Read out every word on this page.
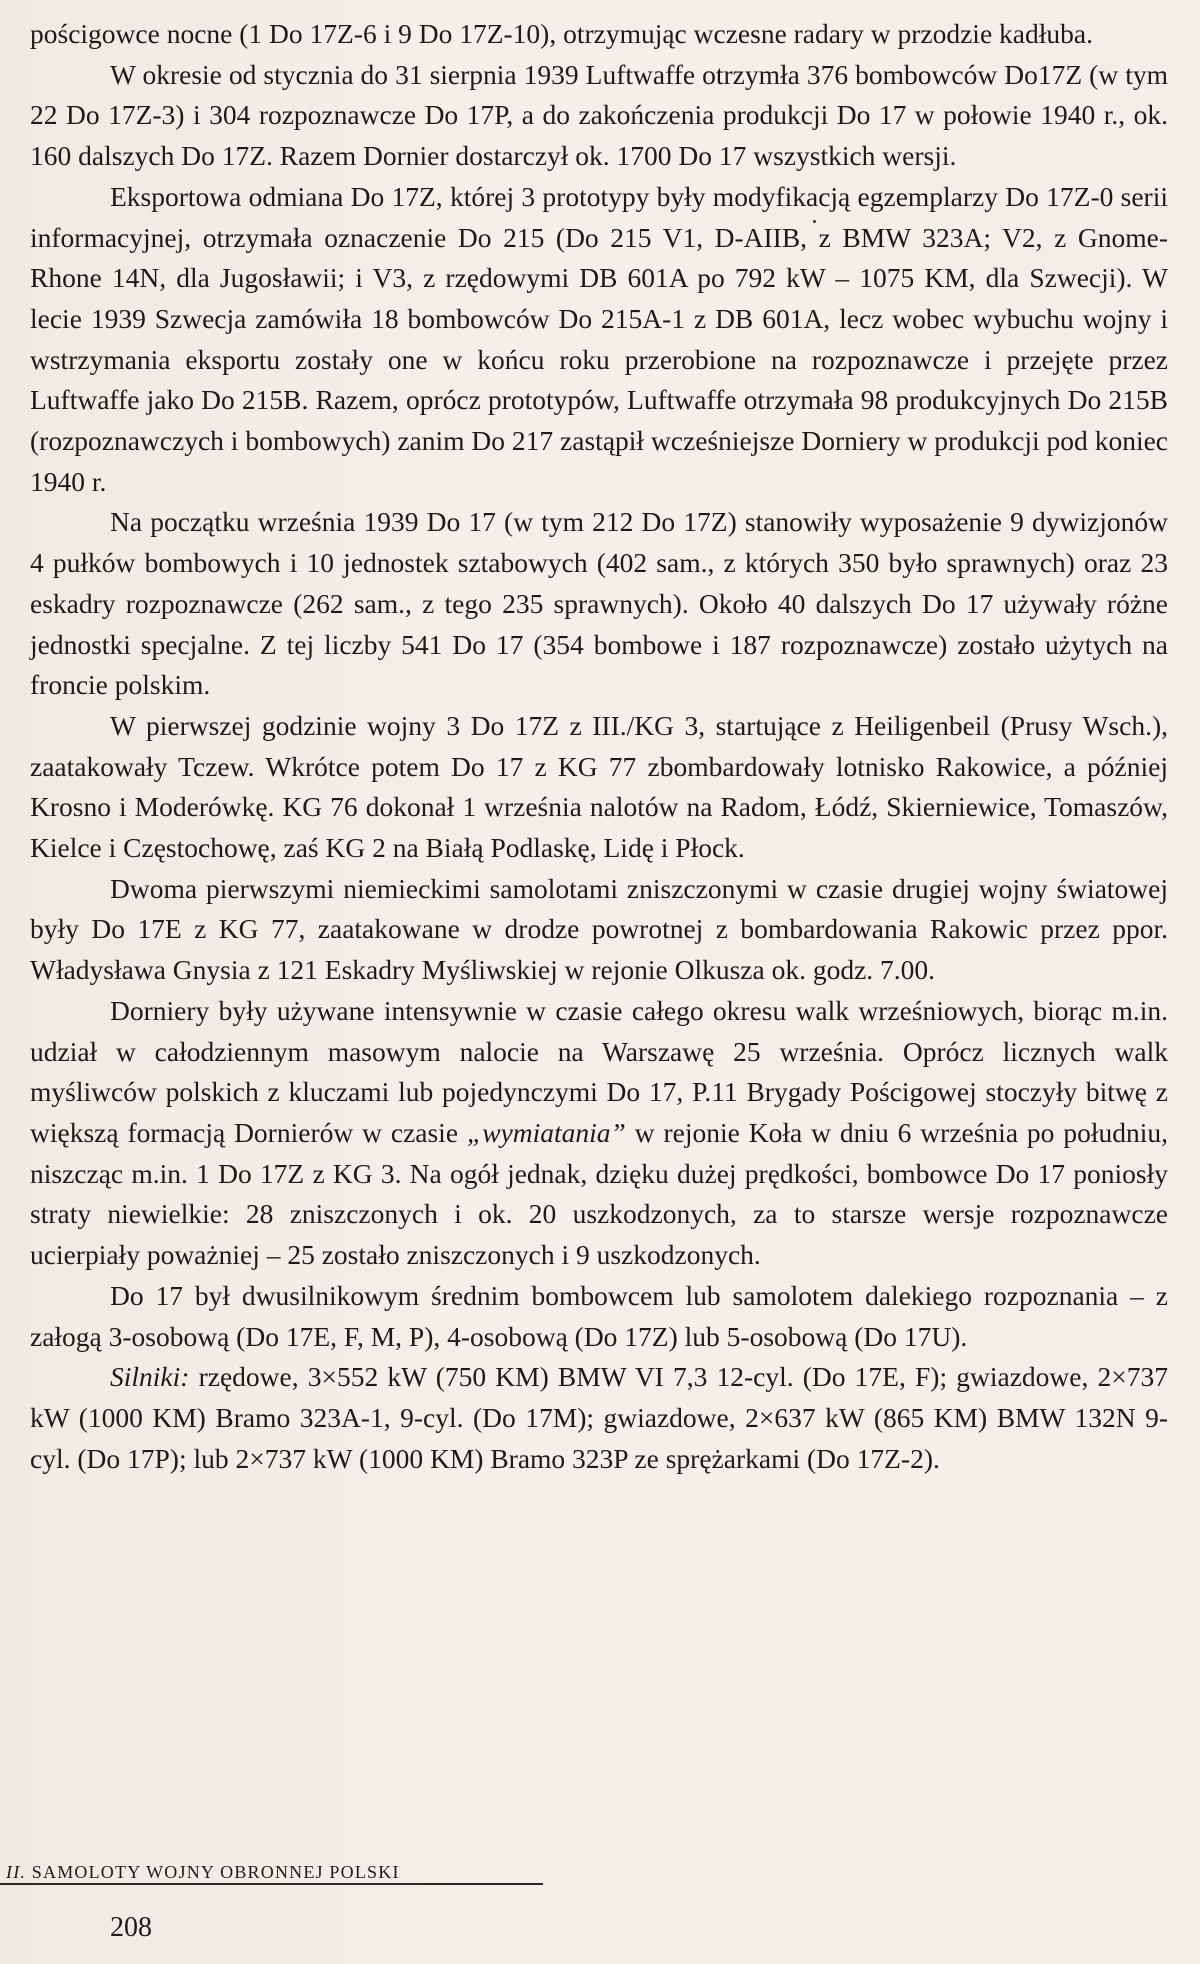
pościgowce nocne (1 Do 17Z-6 i 9 Do 17Z-10), otrzymując wczesne radary w przodzie kadłuba.

W okresie od stycznia do 31 sierpnia 1939 Luftwaffe otrzymła 376 bombowców Do17Z (w tym 22 Do 17Z-3) i 304 rozpoznawcze Do 17P, a do zakończenia produkcji Do 17 w połowie 1940 r., ok. 160 dalszych Do 17Z. Razem Dornier dostarczył ok. 1700 Do 17 wszystkich wersji.

Eksportowa odmiana Do 17Z, której 3 prototypy były modyfikacją egzemplarzy Do 17Z-0 serii informacyjnej, otrzymała oznaczenie Do 215 (Do 215 V1, D-AIIB, z BMW 323A; V2, z Gnome-Rhone 14N, dla Jugosławii; i V3, z rzędowymi DB 601A po 792 kW – 1075 KM, dla Szwecji). W lecie 1939 Szwecja zamówiła 18 bombowców Do 215A-1 z DB 601A, lecz wobec wybuchu wojny i wstrzymania eksportu zostały one w końcu roku przerobione na rozpoznawcze i przejęte przez Luftwaffe jako Do 215B. Razem, oprócz prototypów, Luftwaffe otrzymała 98 produkcyjnych Do 215B (rozpoznawczych i bombowych) zanim Do 217 zastąpił wcześniejsze Dorniery w produkcji pod koniec 1940 r.

Na początku września 1939 Do 17 (w tym 212 Do 17Z) stanowiły wyposażenie 9 dywizjonów 4 pułków bombowych i 10 jednostek sztabowych (402 sam., z których 350 było sprawnych) oraz 23 eskadry rozpoznawcze (262 sam., z tego 235 sprawnych). Około 40 dalszych Do 17 używały różne jednostki specjalne. Z tej liczby 541 Do 17 (354 bombowe i 187 rozpoznawcze) zostało użytych na froncie polskim.

W pierwszej godzinie wojny 3 Do 17Z z III./KG 3, startujące z Heiligenbeil (Prusy Wsch.), zaatakowały Tczew. Wkrótce potem Do 17 z KG 77 zbombardowały lotnisko Rakowice, a później Krosno i Moderówkę. KG 76 dokonał 1 września nalotów na Radom, Łódź, Skierniewice, Tomaszów, Kielce i Częstochowę, zaś KG 2 na Białą Podlaskę, Lidę i Płock.

Dwoma pierwszymi niemieckimi samolotami zniszczonymi w czasie drugiej wojny światowej były Do 17E z KG 77, zaatakowane w drodze powrotnej z bombardowania Rakowic przez ppor. Władysława Gnysia z 121 Eskadry Myśliwskiej w rejonie Olkusza ok. godz. 7.00.

Dorniery były używane intensywnie w czasie całego okresu walk wrześniowych, biorąc m.in. udział w całodziennym masowym nalocie na Warszawę 25 września. Oprócz licznych walk myśliwców polskich z kluczami lub pojedynczymi Do 17, P.11 Brygady Pościgowej stoczyły bitwę z większą formacją Dornierów w czasie „wymiatania” w rejonie Koła w dniu 6 września po południu, niszcząc m.in. 1 Do 17Z z KG 3. Na ogół jednak, dzięku dużej prędkości, bombowce Do 17 poniosły straty niewielkie: 28 zniszczonych i ok. 20 uszkodzonych, za to starsze wersje rozpoznawcze ucierpiały poważniej – 25 zostało zniszczonych i 9 uszkodzonych.

Do 17 był dwusilnikowym średnim bombowcem lub samolotem dalekiego rozpoznania – z załogą 3-osobową (Do 17E, F, M, P), 4-osobową (Do 17Z) lub 5-osobową (Do 17U).

Silniki: rzędowe, 3×552 kW (750 KM) BMW VI 7,3 12-cyl. (Do 17E, F); gwiazdowe, 2×737 kW (1000 KM) Bramo 323A-1, 9-cyl. (Do 17M); gwiazdowe, 2×637 kW (865 KM) BMW 132N 9-cyl. (Do 17P); lub 2×737 kW (1000 KM) Bramo 323P ze sprężarkami (Do 17Z-2).

II. SAMOLOTY WOJNY OBRONNEJ POLSKI
208
